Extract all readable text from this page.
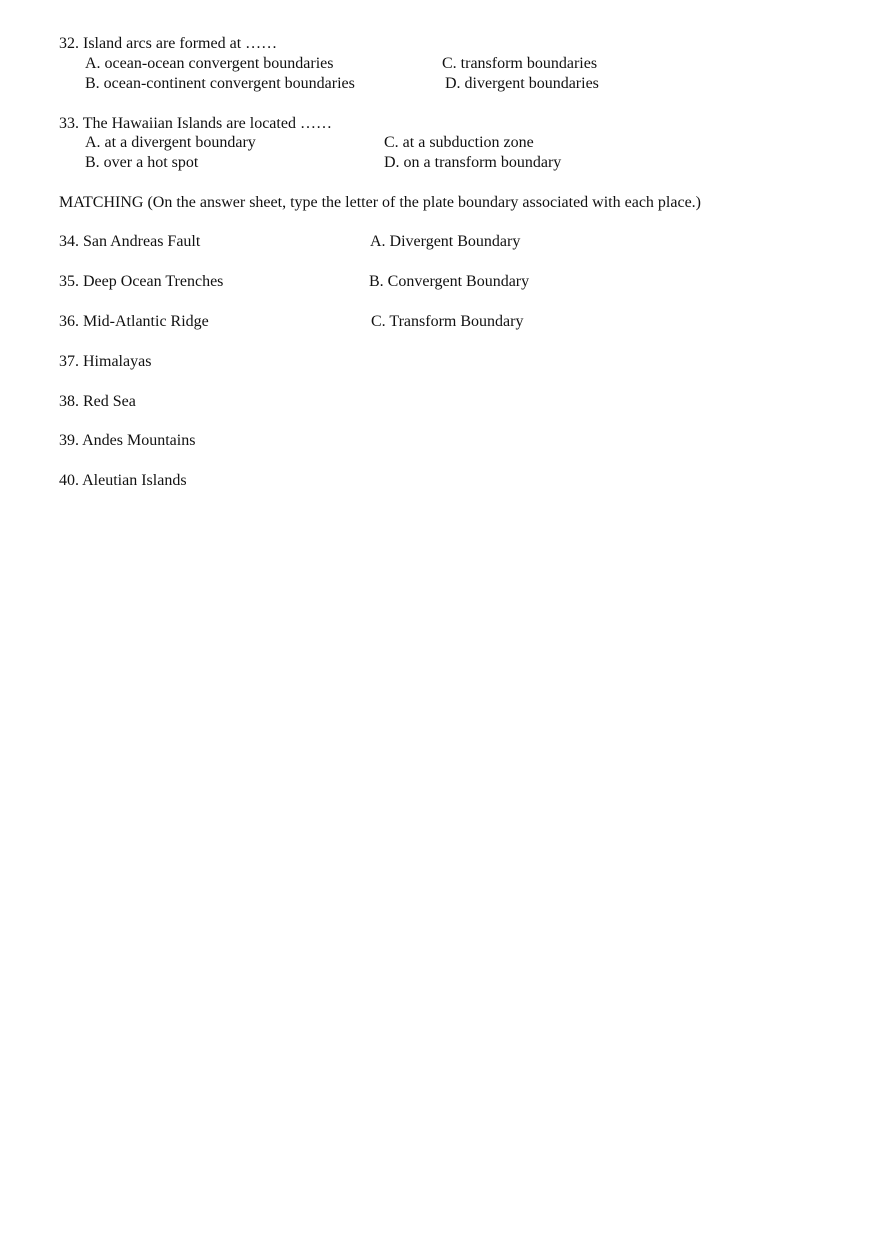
32. Island arcs are formed at ……
A. ocean-ocean convergent boundaries	C. transform boundaries
B. ocean-continent convergent boundaries	D. divergent boundaries
33. The Hawaiian Islands are located ……
A. at a divergent boundary	C. at a subduction zone
B. over a hot spot	D. on a transform boundary
MATCHING (On the answer sheet, type the letter of the plate boundary associated with each place.)
34. San Andreas Fault
35. Deep Ocean Trenches
36. Mid-Atlantic Ridge
37. Himalayas
38. Red Sea
39. Andes Mountains
40. Aleutian Islands
A. Divergent Boundary
B. Convergent Boundary
C. Transform Boundary
